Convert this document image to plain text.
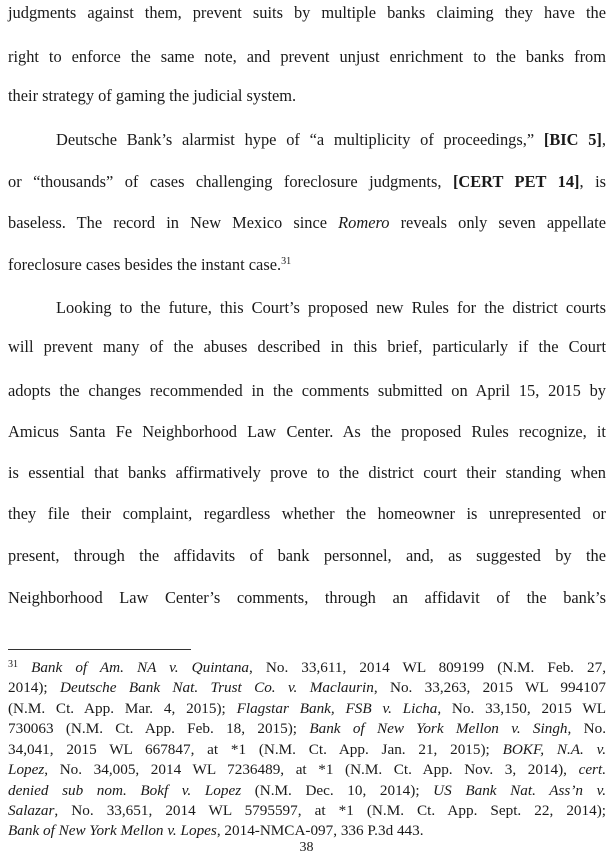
judgments against them, prevent suits by multiple banks claiming they have the
right to enforce the same note, and prevent unjust enrichment to the banks from
their strategy of gaming the judicial system.
Deutsche Bank’s alarmist hype of “a multiplicity of proceedings,” [BIC 5],
or “thousands” of cases challenging foreclosure judgments, [CERT PET 14], is
baseless. The record in New Mexico since Romero reveals only seven appellate
foreclosure cases besides the instant case.$^{31}$
Looking to the future, this Court’s proposed new Rules for the district courts
will prevent many of the abuses described in this brief, particularly if the Court
adopts the changes recommended in the comments submitted on April 15, 2015 by
Amicus Santa Fe Neighborhood Law Center. As the proposed Rules recognize, it
is essential that banks affirmatively prove to the district court their standing when
they file their complaint, regardless whether the homeowner is unrepresented or
present, through the affidavits of bank personnel, and, as suggested by the
Neighborhood Law Center’s comments, through an affidavit of the bank’s
$^{31}$ Bank of Am. NA v. Quintana, No. 33,611, 2014 WL 809199 (N.M. Feb. 27,
2014); Deutsche Bank Nat. Trust Co. v. Maclaurin, No. 33,263, 2015 WL 994107
(N.M. Ct. App. Mar. 4, 2015); Flagstar Bank, FSB v. Licha, No. 33,150, 2015 WL
730063 (N.M. Ct. App. Feb. 18, 2015); Bank of New York Mellon v. Singh, No.
34,041, 2015 WL 667847, at *1 (N.M. Ct. App. Jan. 21, 2015); BOKF, N.A. v.
Lopez, No. 34,005, 2014 WL 7236489, at *1 (N.M. Ct. App. Nov. 3, 2014), cert.
denied sub nom. Bokf v. Lopez (N.M. Dec. 10, 2014); US Bank Nat. Ass’n v.
Salazar, No. 33,651, 2014 WL 5795597, at *1 (N.M. Ct. App. Sept. 22, 2014);
Bank of New York Mellon v. Lopes, 2014-NMCA-097, 336 P.3d 443.
38
